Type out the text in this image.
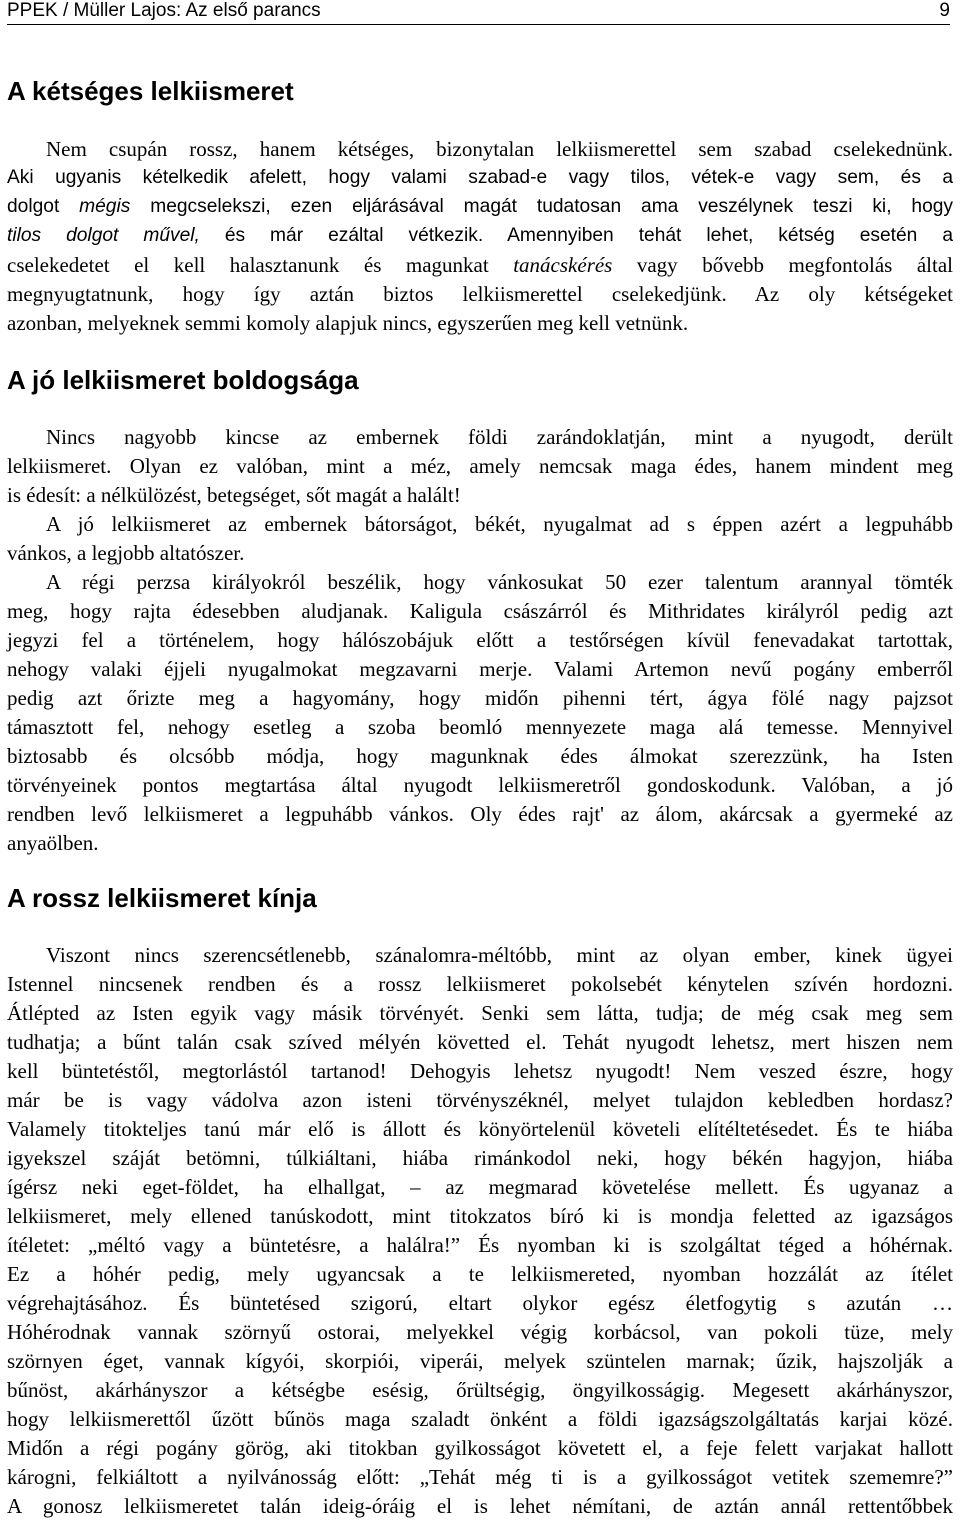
PPEK / Müller Lajos: Az első parancs	9
A kétséges lelkiismeret
Nem csupán rossz, hanem kétséges, bizonytalan lelkiismerettel sem szabad cselekednünk.
Aki ugyanis kételkedik afelett, hogy valami szabad-e vagy tilos, vétek-e vagy sem, és a
dolgot mégis megcselekszi, ezen eljárásával magát tudatosan ama veszélynek teszi ki, hogy
tilos dolgot művel, és már ezáltal vétkezik. Amennyiben tehát lehet, kétség esetén a
cselekedetet el kell halasztanunk és magunkat tanácskérés vagy bővebb megfontolás által
megnyugtatnunk, hogy így aztán biztos lelkiismerettel cselekedjünk. Az oly kétségeket
azonban, melyeknek semmi komoly alapjuk nincs, egyszerűen meg kell vetnünk.
A jó lelkiismeret boldogsága
Nincs nagyobb kincse az embernek földi zarándoklatján, mint a nyugodt, derült
lelkiismeret. Olyan ez valóban, mint a méz, amely nemcsak maga édes, hanem mindent meg
is édesít: a nélkülözést, betegséget, sőt magát a halált!
A jó lelkiismeret az embernek bátorságot, békét, nyugalmat ad s éppen azért a legpuhább
vánkos, a legjobb altatószer.
A régi perzsa királyokról beszélik, hogy vánkosukat 50 ezer talentum arannyal tömték
meg, hogy rajta édesebben aludjanak. Kaligula császárról és Mithridates királyról pedig azt
jegyzi fel a történelem, hogy hálószobájuk előtt a testőrségen kívül fenevadakat tartottak,
nehogy valaki éjjeli nyugalmokat megzavarni merje. Valami Artemon nevű pogány emberről
pedig azt őrizte meg a hagyomány, hogy midőn pihenni tért, ágya fölé nagy pajzsot
támasztott fel, nehogy esetleg a szoba beomló mennyezete maga alá temesse. Mennyivel
biztosabb és olcsóbb módja, hogy magunknak édes álmokat szerezzünk, ha Isten
törvényeinek pontos megtartása által nyugodt lelkiismeretről gondoskodunk. Valóban, a jó
rendben levő lelkiismeret a legpuhább vánkos. Oly édes rajt' az álom, akárcsak a gyermeké az
anyaölben.
A rossz lelkiismeret kínja
Viszont nincs szerencsétlenebb, szánalomra-méltóbb, mint az olyan ember, kinek ügyei
Istennel nincsenek rendben és a rossz lelkiismeret pokolsebét kénytelen szívén hordozni.
Átlépted az Isten egyik vagy másik törvényét. Senki sem látta, tudja; de még csak meg sem
tudhatja; a bűnt talán csak szíved mélyén követted el. Tehát nyugodt lehetsz, mert hiszen nem
kell büntetéstől, megtorlástól tartanod! Dehogyis lehetsz nyugodt! Nem veszed észre, hogy
már be is vagy vádolva azon isteni törvényszéknél, melyet tulajdon kebledben hordasz?
Valamely titokteljes tanú már elő is állott és könyörtelenül követeli elítéltetésedet. És te hiába
igyekszel száját betömni, túlkiáltani, hiába rimánkodol neki, hogy békén hagyjon, hiába
ígérsz neki eget-földet, ha elhallgat, – az megmarad követelése mellett. És ugyanaz a
lelkiismeret, mely ellened tanúskodott, mint titokzatos bíró ki is mondja feletted az igazságos
ítéletet: „méltó vagy a büntetésre, a halálra!” És nyomban ki is szolgáltat téged a hóhérnak.
Ez a hóhér pedig, mely ugyancsak a te lelkiismereted, nyomban hozzálát az ítélet
végrehajtásához. És büntetésed szigorú, eltart olykor egész életfogytig s azután …
Hóhérodnak vannak szörnyű ostorai, melyekkel végig korbácsol, van pokoli tüze, mely
szörnyen éget, vannak kígyói, skorpiói, viperái, melyek szüntelen marnak; űzik, hajszolják a
bűnöst, akárhányszor a kétségbe esésig, őrültségig, öngyilkosságig. Megesett akárhányszor,
hogy lelkiismerettől űzött bűnös maga szaladt önként a földi igazságszolgáltatás karjai közé.
Midőn a régi pogány görög, aki titokban gyilkosságot követett el, a feje felett varjakat hallott
károgni, felkiáltott a nyilvánosság előtt: „Tehát még ti is a gyilkosságot vetitek szememre?”
A gonosz lelkiismeretet talán ideig-óráig el is lehet némítani, de aztán annál rettentőbbek
